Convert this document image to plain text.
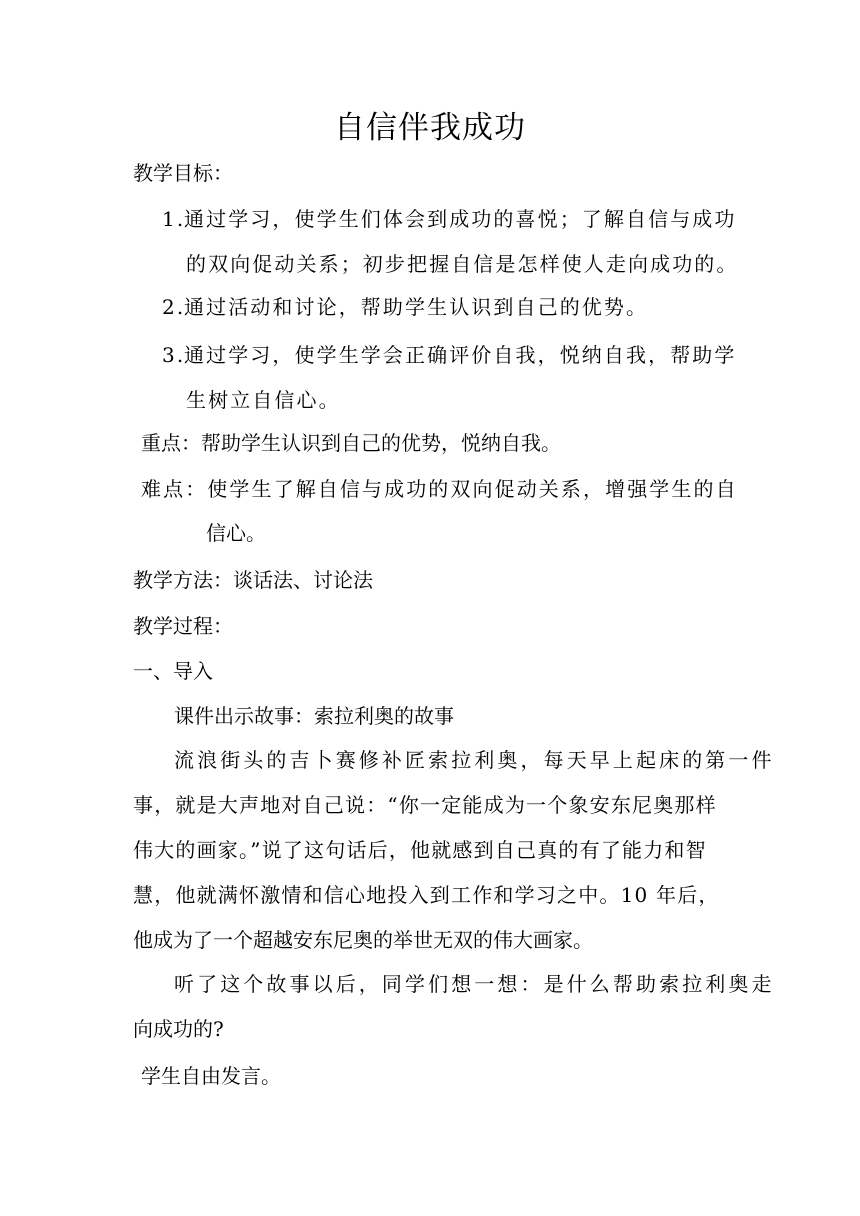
自信伴我成功
教学目标：
1.通过学习，使学生们体会到成功的喜悦；了解自信与成功
的双向促动关系；初步把握自信是怎样使人走向成功的。
2.通过活动和讨论，帮助学生认识到自己的优势。
3.通过学习，使学生学会正确评价自我，悦纳自我，帮助学
生树立自信心。
重点：帮助学生认识到自己的优势，悦纳自我。
难点：使学生了解自信与成功的双向促动关系，增强学生的自
信心。
教学方法：谈话法、讨论法
教学过程：
一、导入
课件出示故事：索拉利奥的故事
流浪街头的吉卜赛修补匠索拉利奥，每天早上起床的第一件
事，就是大声地对自己说：“你一定能成为一个象安东尼奥那样
伟大的画家。”说了这句话后，他就感到自己真的有了能力和智
慧，他就满怀激情和信心地投入到工作和学习之中。10 年后，
他成为了一个超越安东尼奥的举世无双的伟大画家。
听了这个故事以后，同学们想一想：是什么帮助索拉利奥走
向成功的?
学生自由发言。
